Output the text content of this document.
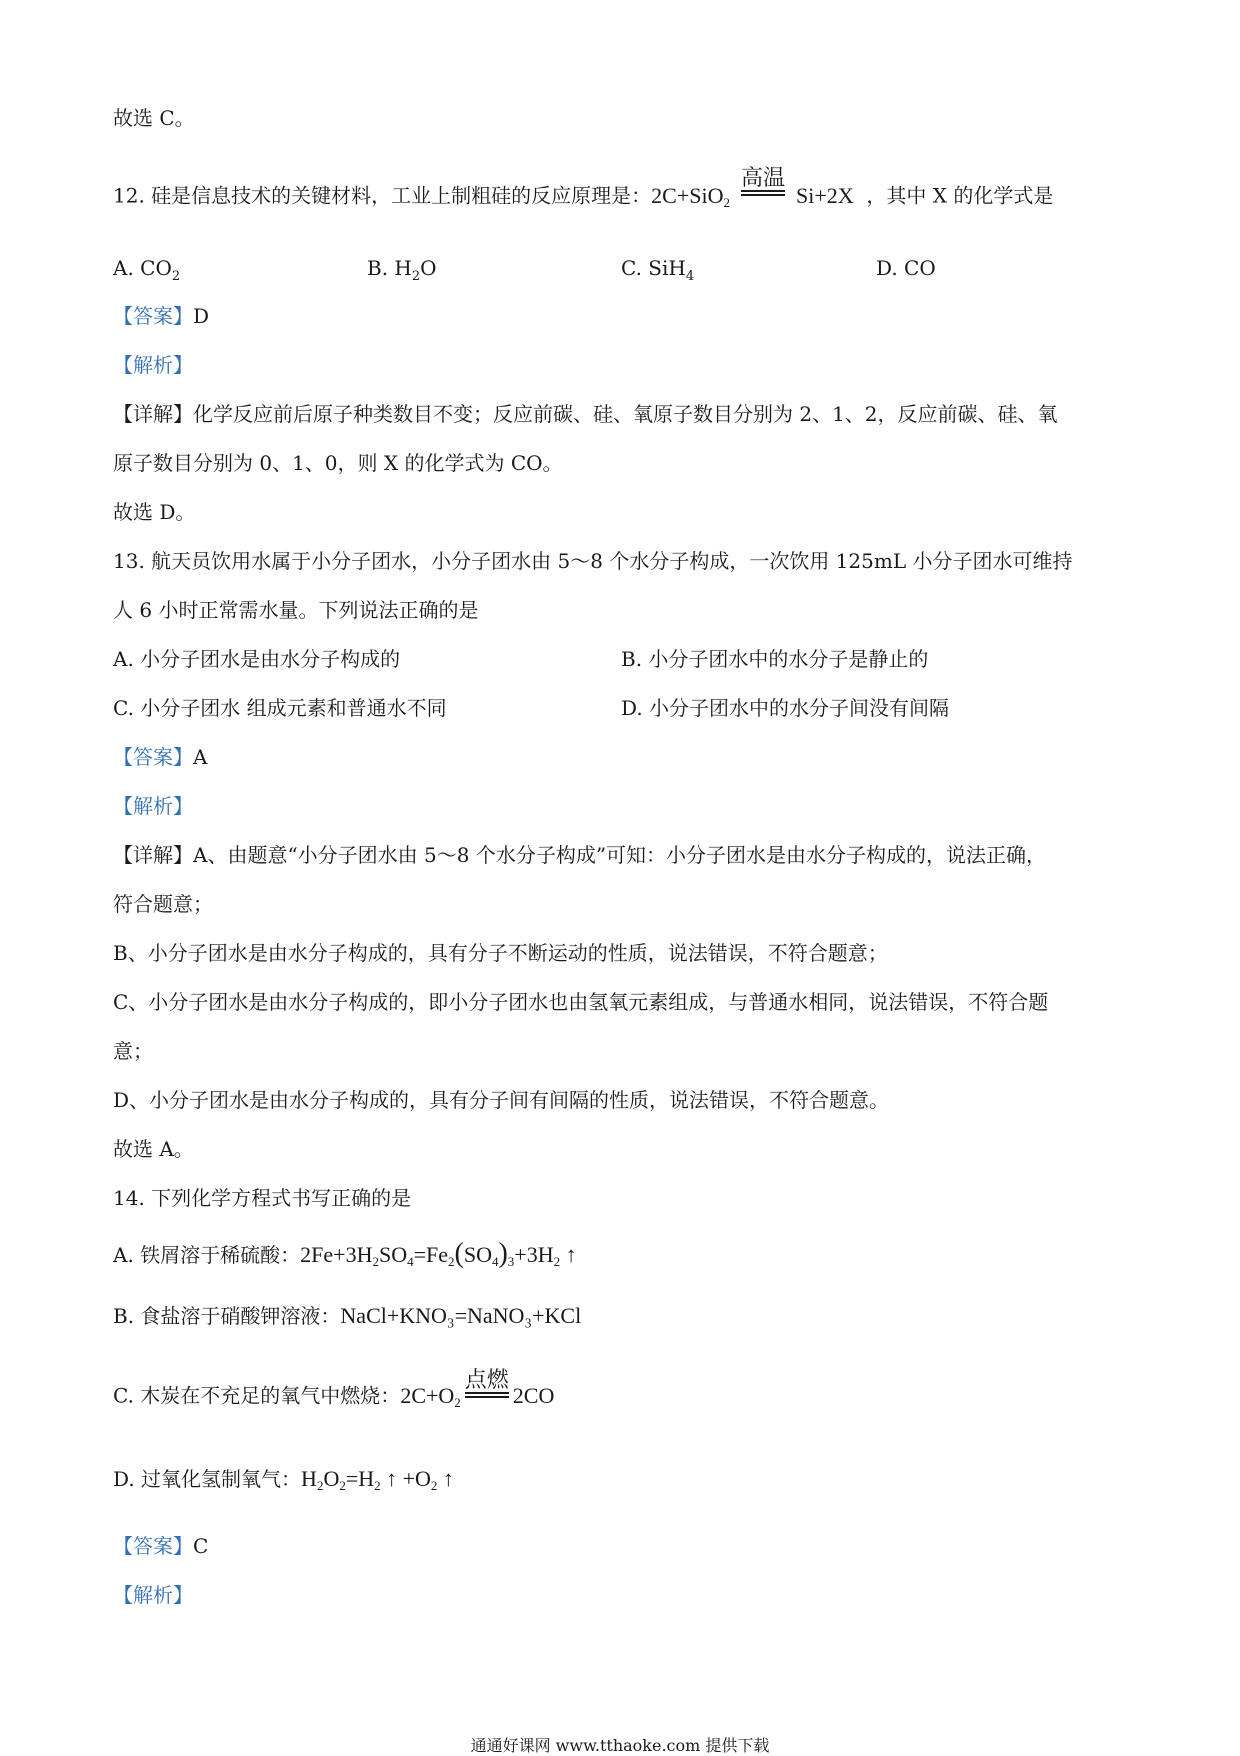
故选 C。
12. 硅是信息技术的关键材料，工业上制粗硅的反应原理是：2C+SiO$_2$
高温
Si+2X ，其中 X 的化学式是
A. $CO_2$	B. $H_2O$	C. SiH$_4$	D. CO
【答案】D
【解析】
【详解】化学反应前后原子种类数目不变；反应前碳、硅、氧原子数目分别为 2、1、2，反应前碳、硅、氧
原子数目分别为 0、1、0，则 X 的化学式为 CO。
故选 D。
13. 航天员饮用水属于小分子团水，小分子团水由 5～8 个水分子构成，一次饮用 125mL 小分子团水可维持
人 6 小时正常需水量。下列说法正确的是
A. 小分子团水是由水分子构成的	B. 小分子团水中的水分子是静止的
C. 小分子团水 组成元素和普通水不同	D. 小分子团水中的水分子间没有间隔
【答案】A
【解析】
【详解】A、由题意“小分子团水由 5～8 个水分子构成”可知：小分子团水是由水分子构成的，说法正确，
符合题意；
B、小分子团水是由水分子构成的，具有分子不断运动的性质，说法错误，不符合题意；
C、小分子团水是由水分子构成的，即小分子团水也由氢氧元素组成，与普通水相同，说法错误，不符合题
意；
D、小分子团水是由水分子构成的，具有分子间有间隔的性质，说法错误，不符合题意。
故选 A。
14. 下列化学方程式书写正确的是
A. 铁屑溶于稀硫酸：$2Fe+3H_2SO_4=Fe_2(SO_4)_3+3H_2$ ↑
B. 食盐溶于硝酸钾溶液：NaCl+KNO₃=NaNO₃+KCl
C. 木炭在不充足的氧气中燃烧：$2C+O_2$
点燃
2CO
D. 过氧化氢制氧气：$H_2O_2=H_2$ ↑ $+O_2$ ↑
【答案】C
【解析】
通通好课网 www.tthaoke.com 提供下载
